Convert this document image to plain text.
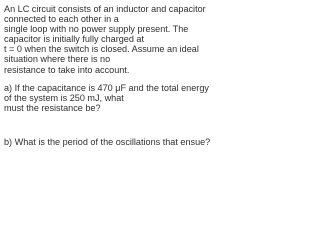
An LC circuit consists of an inductor and capacitor
connected to each other in a
single loop with no power supply present. The
capacitor is initially fully charged at
t = 0 when the switch is closed. Assume an ideal
situation where there is no
resistance to take into account.
a) If the capacitance is 470 μF and the total energy
of the system is 250 mJ, what
must the resistance be?
b) What is the period of the oscillations that ensue?
